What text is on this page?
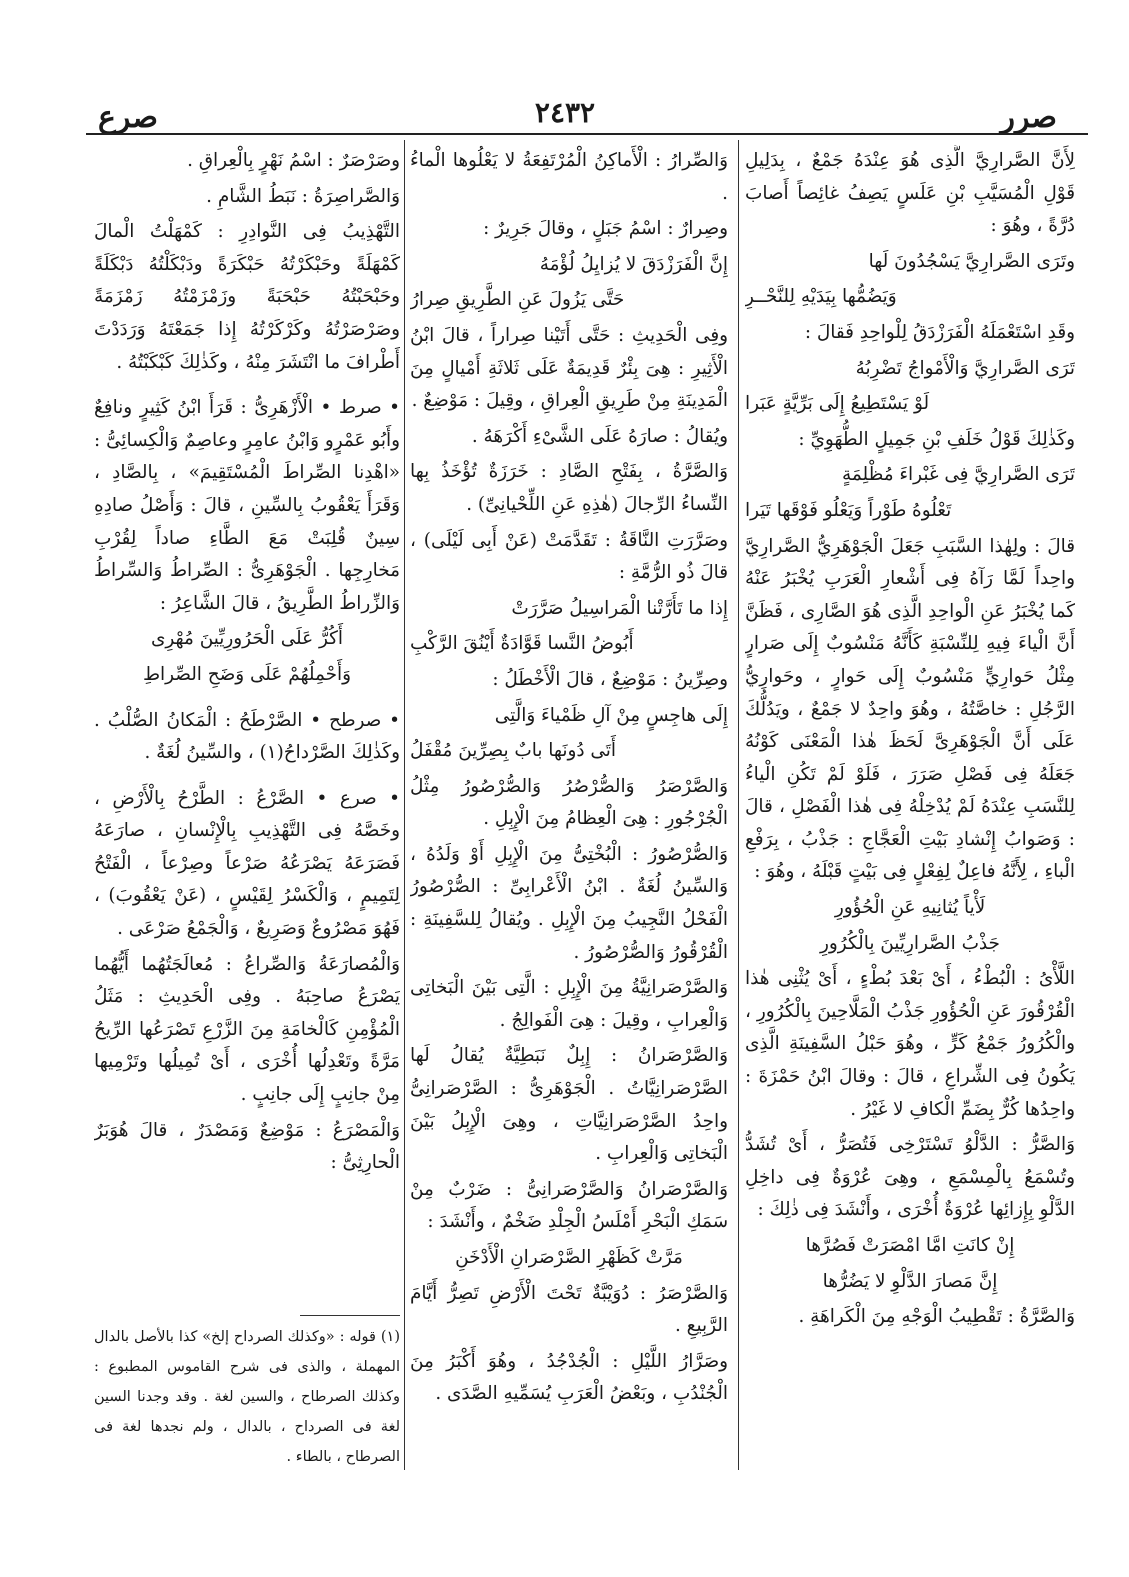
صرر
٢٤٣٢
صرع

لِأَنَّ الصَّرارِيَّ الَّذِى هُوَ عِنْدَهُ جَمْعٌ ، بِدَلِيلِ قَوْلِ الْمُسَيَّبِ بْنِ عَلَسٍ يَصِفُ غائِصاً أَصابَ دُرَّةً ، وهُوَ :

وتَرَى الصَّرارِيَّ يَسْجُدُونَ لَها

وَيَضُمُّها بِيَدَيْهِ لِلنَّحْــرِ

وقَدِ اسْتَعْمَلَهُ الْفَرَزْدَقُ لِلْواحِدِ فَقالَ :

تَرَى الصَّرارِيَّ وَالْأَمْواجُ تَضْرِبُهُ

لَوْ يَسْتَطِيعُ إِلَى بَرِّيَّةٍ عَبَرا

وكَذٰلِكَ قَوْلُ خَلَفِ بْنِ جَمِيلٍ الطُّهَوِيِّ :

تَرَى الصَّرارِيَّ فِى غَبْراءَ مُظْلِمَةٍ

تَعْلُوهُ طَوْراً وَيَعْلُو فَوْقَها تَيَرا

قالَ : ولِهٰذا السَّبَبِ جَعَلَ الْجَوْهَرِيُّ الصَّرارِيَّ واحِداً لَمَّا رَآهُ فِى أَشْعارِ الْعَرَبِ يُخْبَرُ عَنْهُ كَما يُخْبَرُ عَنِ الْواحِدِ الَّذِى هُوَ الصَّارِى ، فَظَنَّ أَنَّ الْياءَ فِيهِ لِلنِّسْبَةِ كَأَنَّهُ مَنْسُوبٌ إِلَى صَرارٍ مِثْلُ حَوارِيٍّ مَنْسُوبٌ إِلَى حَوارٍ ، وحَوارِيُّ الرَّجُلِ : خاصَّتُهُ ، وهُوَ واحِدٌ لا جَمْعٌ ، ويَدُلُّكَ عَلَى أَنَّ الْجَوْهَرِىَّ لَحَظَ هٰذا الْمَعْنَى كَوْنُهُ جَعَلَهُ فِى فَصْلِ صَرَرَ ، فَلَوْ لَمْ تَكُنِ الْياءُ لِلنَّسَبِ عِنْدَهُ لَمْ يُدْخِلْهُ فِى هٰذا الْفَصْلِ ، قالَ : وَصَوابُ إِنْشادِ بَيْتِ الْعَجَّاجِ : جَذْبُ ، بِرَفْعِ الْباءِ ، لِأَنَّهُ فاعِلٌ لِفِعْلٍ فِى بَيْتٍ قَبْلَهُ ، وهُوَ :

لَأْياً يُثانِيهِ عَنِ الْحُؤُورِ

جَذْبُ الصَّرارِيِّينَ بِالْكُرُورِ

اللَّأْىُ : الْبُطْءُ ، أَىْ بَعْدَ بُطْءٍ ، أَىْ يُثْنِى هٰذا الْقُرْقُورَ عَنِ الْحُؤُورِ جَذْبُ الْمَلَّاحِينَ بِالْكُرُورِ ، والْكُرُورُ جَمْعُ كَرٍّ ، وهُوَ حَبْلُ السَّفِينَةِ الَّذِى يَكُونُ فِى الشِّراعِ ، قالَ : وقالَ ابْنُ حَمْزَةَ : واحِدُها كُرٌّ بِضَمِّ الْكافِ لا غَيْرُ .

وَالصَّرُّ : الدَّلْوُ تَسْتَرْخِى فَتُصَرُّ ، أَىْ تُشَدُّ وتُسْمَعُ بِالْمِسْمَعِ ، وهِىَ عُرْوَةٌ فِى داخِلِ الدَّلْوِ بِإِزائِها عُرْوَةٌ أُخْرَى ، وأَنْشَدَ فِى ذٰلِكَ :

إِنْ كانَتِ امَّا امْصَرَتْ فَصُرَّها

إِنَّ مَصارَ الدَّلْوِ لا يَضُرُّها

وَالصَّرَّةُ : تَقْطِيبُ الْوَجْهِ مِنَ الْكَراهَةِ .

وَالصِّرارُ : الْأَماكِنُ الْمُرْتَفِعَةُ لا يَعْلُوها الْماءُ .

وصِرارٌ : اسْمُ جَبَلٍ ، وقالَ جَرِيرٌ :

إِنَّ الْفَرَزْدَقَ لا يُزايِلُ لُؤْمَهُ

حَتَّى يَزُولَ عَنِ الطَّرِيقِ صِرارُ

وفِى الْحَدِيثِ : حَتَّى أَتَيْنا صِراراً ، قالَ ابْنُ الْأَثِيرِ : هِىَ بِئْرٌ قَدِيمَةٌ عَلَى ثَلاثَةِ أَمْيالٍ مِنَ الْمَدِينَةِ مِنْ طَرِيقِ الْعِراقِ ، وقِيلَ : مَوْضِعٌ .

ويُقالُ : صارَهُ عَلَى الشَّىْءِ أَكْرَهَهُ .

وَالصَّرَّةُ ، بِفَتْحِ الصَّادِ : خَرَزَةٌ تُؤْخَذُ بِها النِّساءُ الرِّجالَ (هٰذِهِ عَنِ اللِّحْيانِىِّ) .

وصَرَّرَتِ النَّاقَةُ : تَقَدَّمَتْ (عَنْ أَبِى لَيْلَى) ، قالَ ذُو الرُّمَّةِ :

إِذا ما تَأَرَّتْنا الْمَراسِيلُ صَرَّرَتْ

أَبُوضُ النَّسا قَوَّادَةٌ أَيْنُقَ الرَّكْبِ

وصِرِّينُ : مَوْضِعٌ ، قالَ الْأَخْطَلُ :

إِلَى هاجِسٍ مِنْ آلِ ظَمْياءَ وَالَّتِى

أَتَى دُونَها بابٌ بِصِرِّينَ مُقْفَلُ

وَالصَّرْصَرُ وَالصُّرْصُرُ وَالصُّرْصُورُ مِثْلُ الْجُرْجُورِ : هِىَ الْعِظامُ مِنَ الْإِبِلِ .

وَالصُّرْصُورُ : الْبُخْتِىُّ مِنَ الْإِبِلِ أَوْ وَلَدُهُ ، وَالسِّينُ لُغَةٌ . ابْنُ الْأَعْرابِىِّ : الصُّرْصُورُ الْفَحْلُ النَّجِيبُ مِنَ الْإِبِلِ . ويُقالُ لِلسَّفِينَةِ : الْقُرْقُورُ وَالصُّرْصُورُ .

وَالصَّرْصَرانِيَّةُ مِنَ الْإِبِلِ : الَّتِى بَيْنَ الْبَخاتِى وَالْعِرابِ ، وقِيلَ : هِىَ الْفَوالِجُ .

وَالصَّرْصَرانُ : إِبِلٌ نَبَطِيَّةٌ يُقالُ لَها الصَّرْصَرانِيَّاتُ . الْجَوْهَرِىُّ : الصَّرْصَرانِىُّ واحِدُ الصَّرْصَرانِيَّاتِ ، وهِىَ الْإِبِلُ بَيْنَ الْبَخاتِى وَالْعِرابِ .

وَالصَّرْصَرانُ وَالصَّرْصَرانِىُّ : ضَرْبٌ مِنْ سَمَكِ الْبَحْرِ أَمْلَسُ الْجِلْدِ ضَخْمٌ ، وأَنْشَدَ :

مَرَّتْ كَظَهْرِ الصَّرْصَرانِ الْأَدْخَنِ

وَالصَّرْصَرُ : دُوَيْبَّةٌ تَحْتَ الْأَرْضِ تَصِرُّ أَيَّامَ الرَّبِيعِ .

وصَرَّارُ اللَّيْلِ : الْجُدْجُدُ ، وهُوَ أَكْبَرُ مِنَ الْجُنْدُبِ ، وبَعْضُ الْعَرَبِ يُسَمِّيهِ الصَّدَى .

وصَرْصَرٌ : اسْمُ نَهْرٍ بِالْعِراقِ .

وَالصَّراصِرَةُ : نَبَطُ الشَّامِ .

التَّهْذِيبُ فِى النَّوادِرِ : كَمْهَلْتُ الْمالَ كَمْهَلَةً وحَبْكَرْتُهُ حَبْكَرَةً ودَبْكَلْتُهُ دَبْكَلَةً وحَبْحَبْتُهُ حَبْحَبَةً وزَمْزَمْتُهُ زَمْزَمَةً وصَرْصَرْتُهُ وكَرْكَرْتُهُ إِذا جَمَعْتَهُ وَرَدَدْتَ أَطْرافَ ما انْتَشَرَ مِنْهُ ، وكَذٰلِكَ كَبْكَبْتُهُ .

• صرط • الْأَزْهَرِىُّ : قَرَأَ ابْنُ كَثِيرٍ ونافِعٌ وأَبُو عَمْرٍو وَابْنُ عامِرٍ وعاصِمٌ وَالْكِسائِىُّ : «اهْدِنا الصِّراطَ الْمُسْتَقِيمَ» ، بِالصَّادِ ، وَقَرَأَ يَعْقُوبُ بِالسِّينِ ، قالَ : وَأَصْلُ صادِهِ سِينٌ قُلِبَتْ مَعَ الطَّاءِ صاداً لِقُرْبِ مَخارِجِها . الْجَوْهَرِىُّ : الصِّراطُ وَالسِّراطُ وَالزِّراطُ الطَّرِيقُ ، قالَ الشَّاعِرُ :

أَكُرُّ عَلَى الْحَرُورِيِّينَ مُهْرِى

وَأَحْمِلُهُمْ عَلَى وَضَحِ الصِّراطِ

• صرطح • الصَّرْطَحُ : الْمَكانُ الصُّلْبُ . وكَذٰلِكَ الصَّرْداحُ(١) ، والسِّينُ لُغَةٌ .

• صرع • الصَّرْعُ : الطَّرْحُ بِالْأَرْضِ ، وخَصَّهُ فِى التَّهْذِيبِ بِالْإِنْسانِ ، صارَعَهُ فَصَرَعَهُ يَصْرَعُهُ صَرْعاً وصِرْعاً ، الْفَتْحُ لِتَمِيمٍ ، وَالْكَسْرُ لِقَيْسٍ ، (عَنْ يَعْقُوبَ) ، فَهُوَ مَصْرُوعٌ وَصَرِيعٌ ، وَالْجَمْعُ صَرْعَى .

وَالْمُصارَعَةُ وَالصِّراعُ : مُعالَجَتُهُما أَيُّهُما يَصْرَعُ صاحِبَهُ . وفِى الْحَدِيثِ : مَثَلُ الْمُؤْمِنِ كَالْخامَةِ مِنَ الزَّرْعِ تَصْرَعُها الرِّيحُ مَرَّةً وتَعْدِلُها أُخْرَى ، أَىْ تُمِيلُها وتَرْمِيها مِنْ جانِبٍ إِلَى جانِبٍ .

وَالْمَصْرَعُ : مَوْضِعٌ وَمَصْدَرٌ ، قالَ هُوَبَرٌ الْحارِثِىُّ :

(١) قوله : «وكذلك الصرداح إلخ» كذا بالأصل بالدال المهملة ، والذى فى شرح القاموس المطبوع : وكذلك الصرطاح ، والسين لغة . وقد وجدنا السين لغة فى الصرداح ، بالدال ، ولم نجدها لغة فى الصرطاح ، بالطاء .
